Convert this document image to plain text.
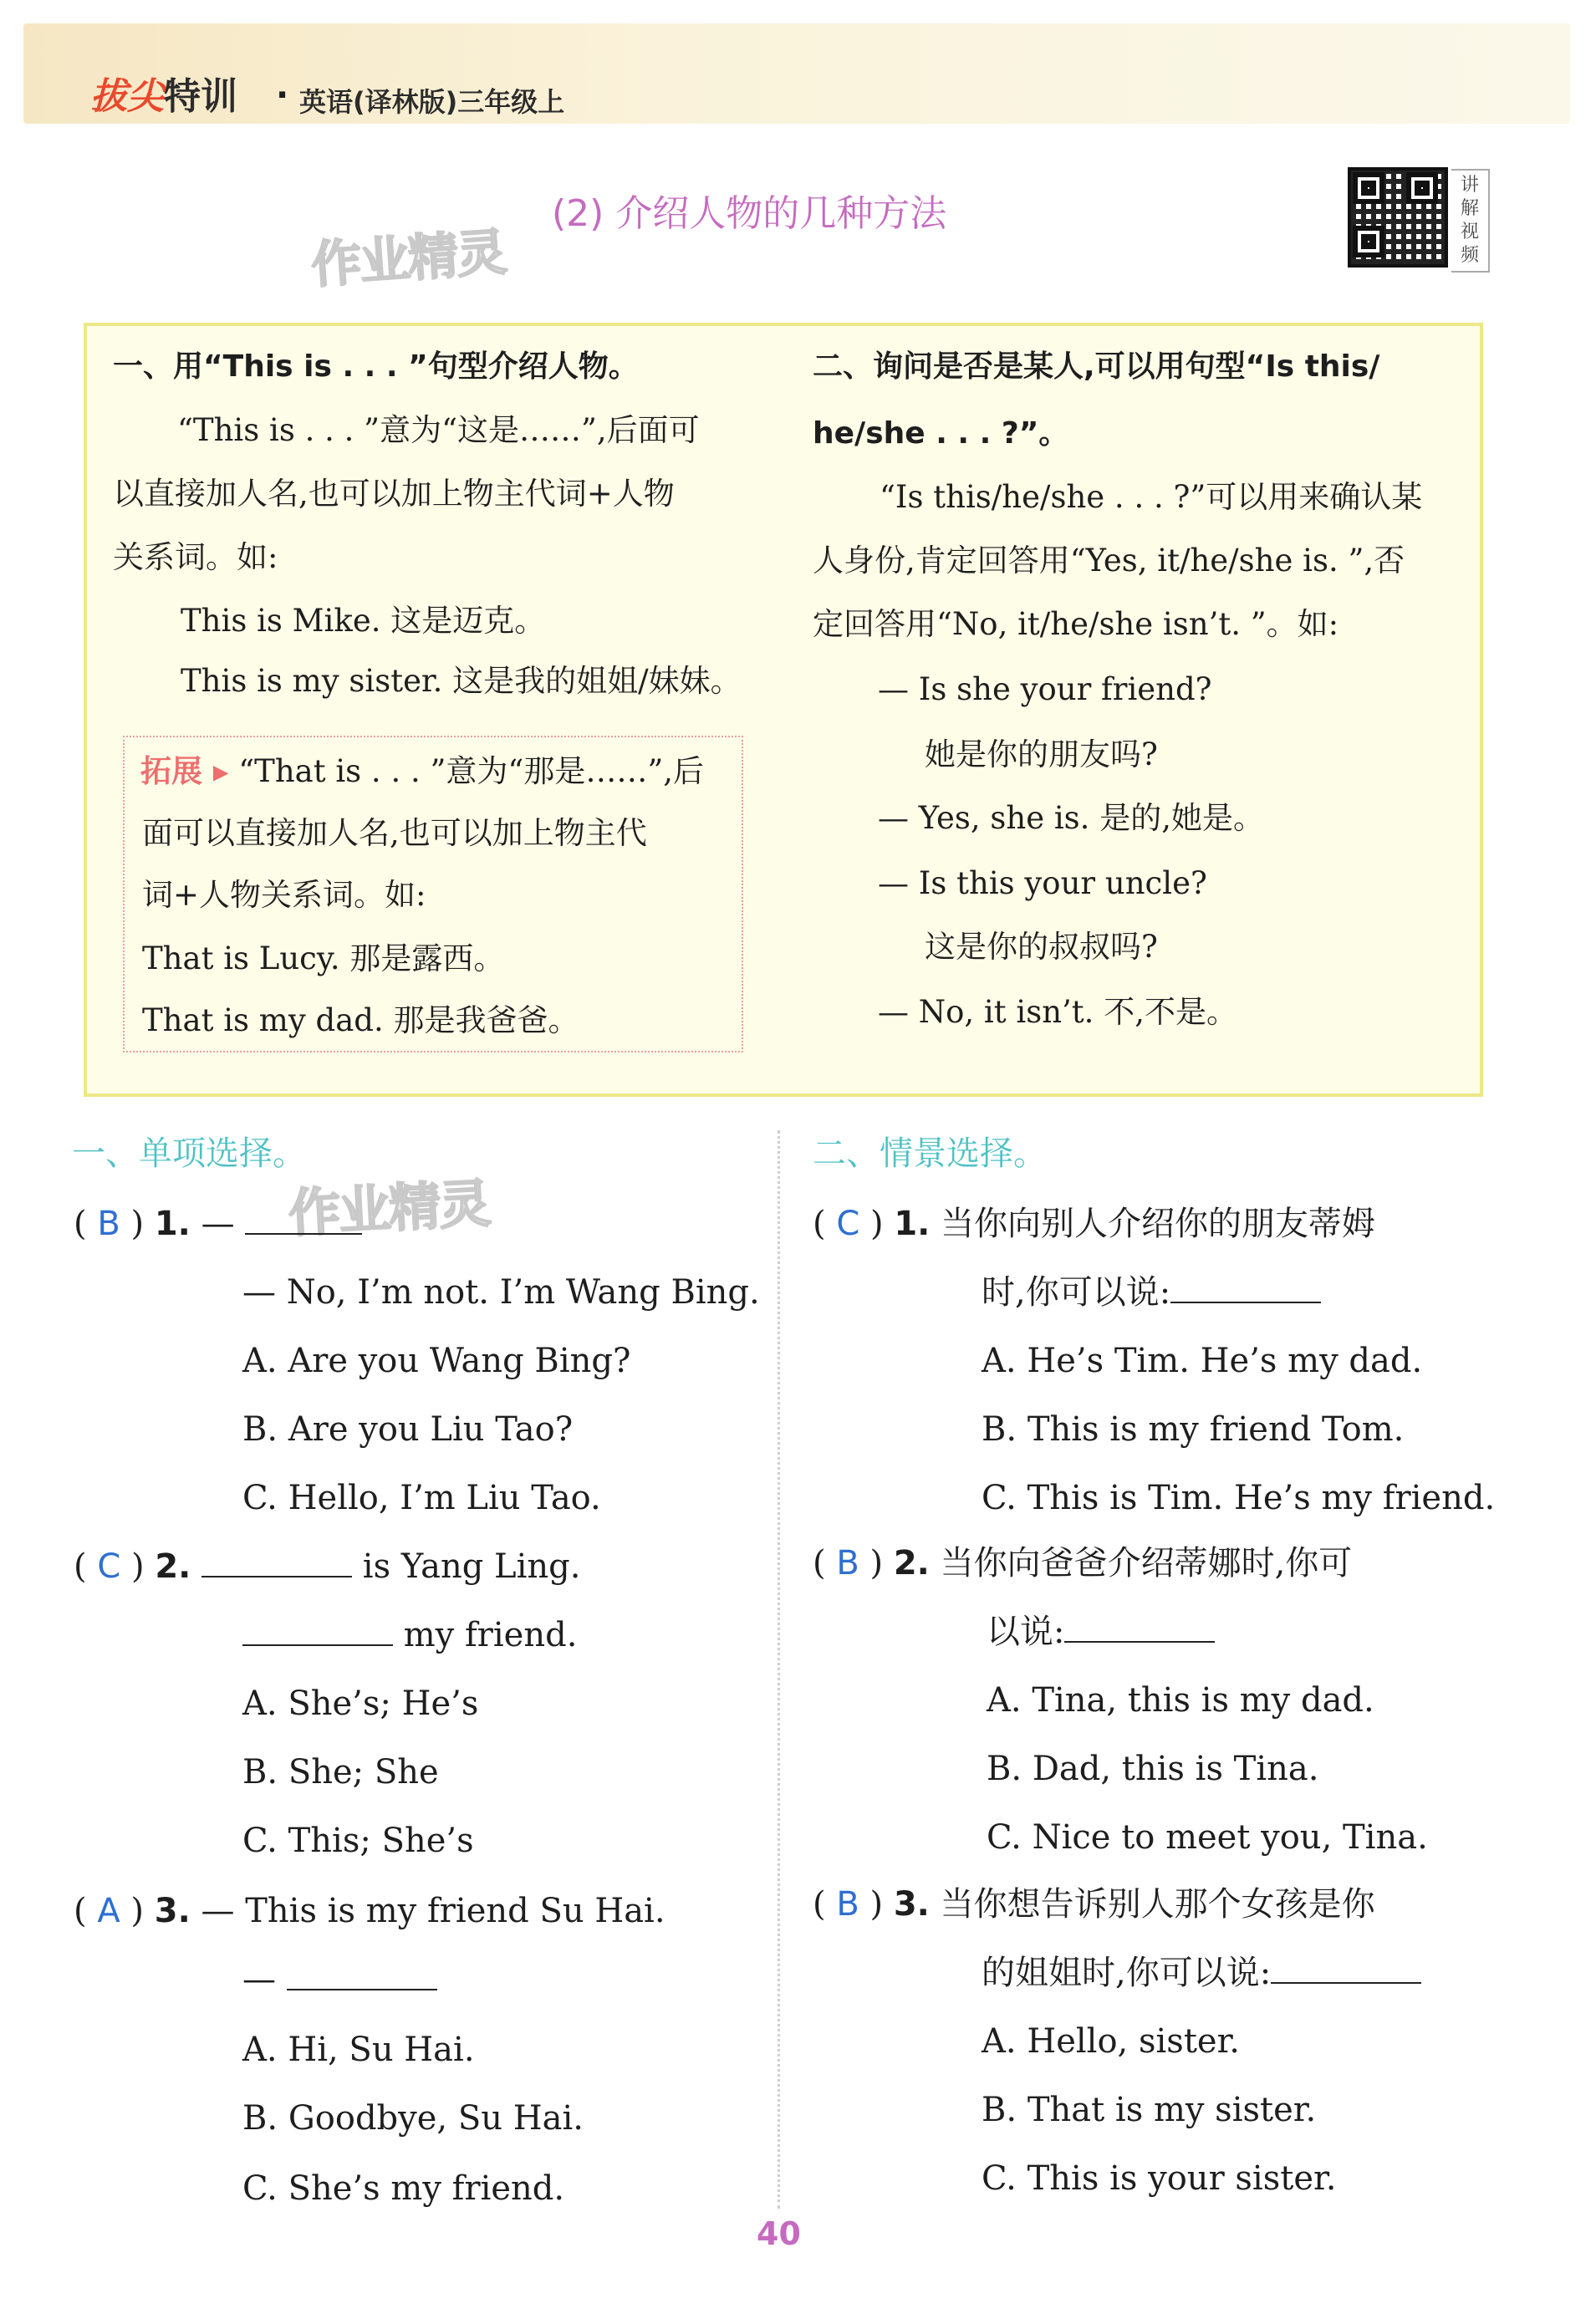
拔尖特训 · 英语(译林版)三年级上
(2) 介绍人物的几种方法
作业精灵
讲解视频
一、用“This is . . . ”句型介绍人物。
“This is . . . ”意为“这是……”,后面可
以直接加人名,也可以加上物主代词+人物
关系词。如:
This is Mike. 这是迈克。
This is my sister. 这是我的姐姐/妹妹。
拓展 ▸ “That is . . . ”意为“那是……”,后
面可以直接加人名,也可以加上物主代
词+人物关系词。如:
That is Lucy. 那是露西。
That is my dad. 那是我爸爸。
二、询问是否是某人,可以用句型“Is this/
he/she . . . ?”。
“Is this/he/she . . . ?”可以用来确认某
人身份,肯定回答用“Yes, it/he/she is. ”,否
定回答用“No, it/he/she isn’t. ”。如:
— Is she your friend?
她是你的朋友吗?
— Yes, she is. 是的,她是。
— Is this your uncle?
这是你的叔叔吗?
— No, it isn’t. 不,不是。
一、单项选择。	二、情景选择。
作业精灵
( B ) 1. —
— No, I’m not. I’m Wang Bing.
A. Are you Wang Bing?
B. Are you Liu Tao?
C. Hello, I’m Liu Tao.
( C ) 2.	is Yang Ling.
my friend.
A. She’s; He’s
B. She; She
C. This; She’s
( A ) 3. — This is my friend Su Hai.
—
A. Hi, Su Hai.
B. Goodbye, Su Hai.
C. She’s my friend.
( C ) 1. 当你向别人介绍你的朋友蒂姆
时,你可以说:
A. He’s Tim. He’s my dad.
B. This is my friend Tom.
C. This is Tim. He’s my friend.
( B ) 2. 当你向爸爸介绍蒂娜时,你可
以说:
A. Tina, this is my dad.
B. Dad, this is Tina.
C. Nice to meet you, Tina.
( B ) 3. 当你想告诉别人那个女孩是你
的姐姐时,你可以说:
A. Hello, sister.
B. That is my sister.
C. This is your sister.
40
